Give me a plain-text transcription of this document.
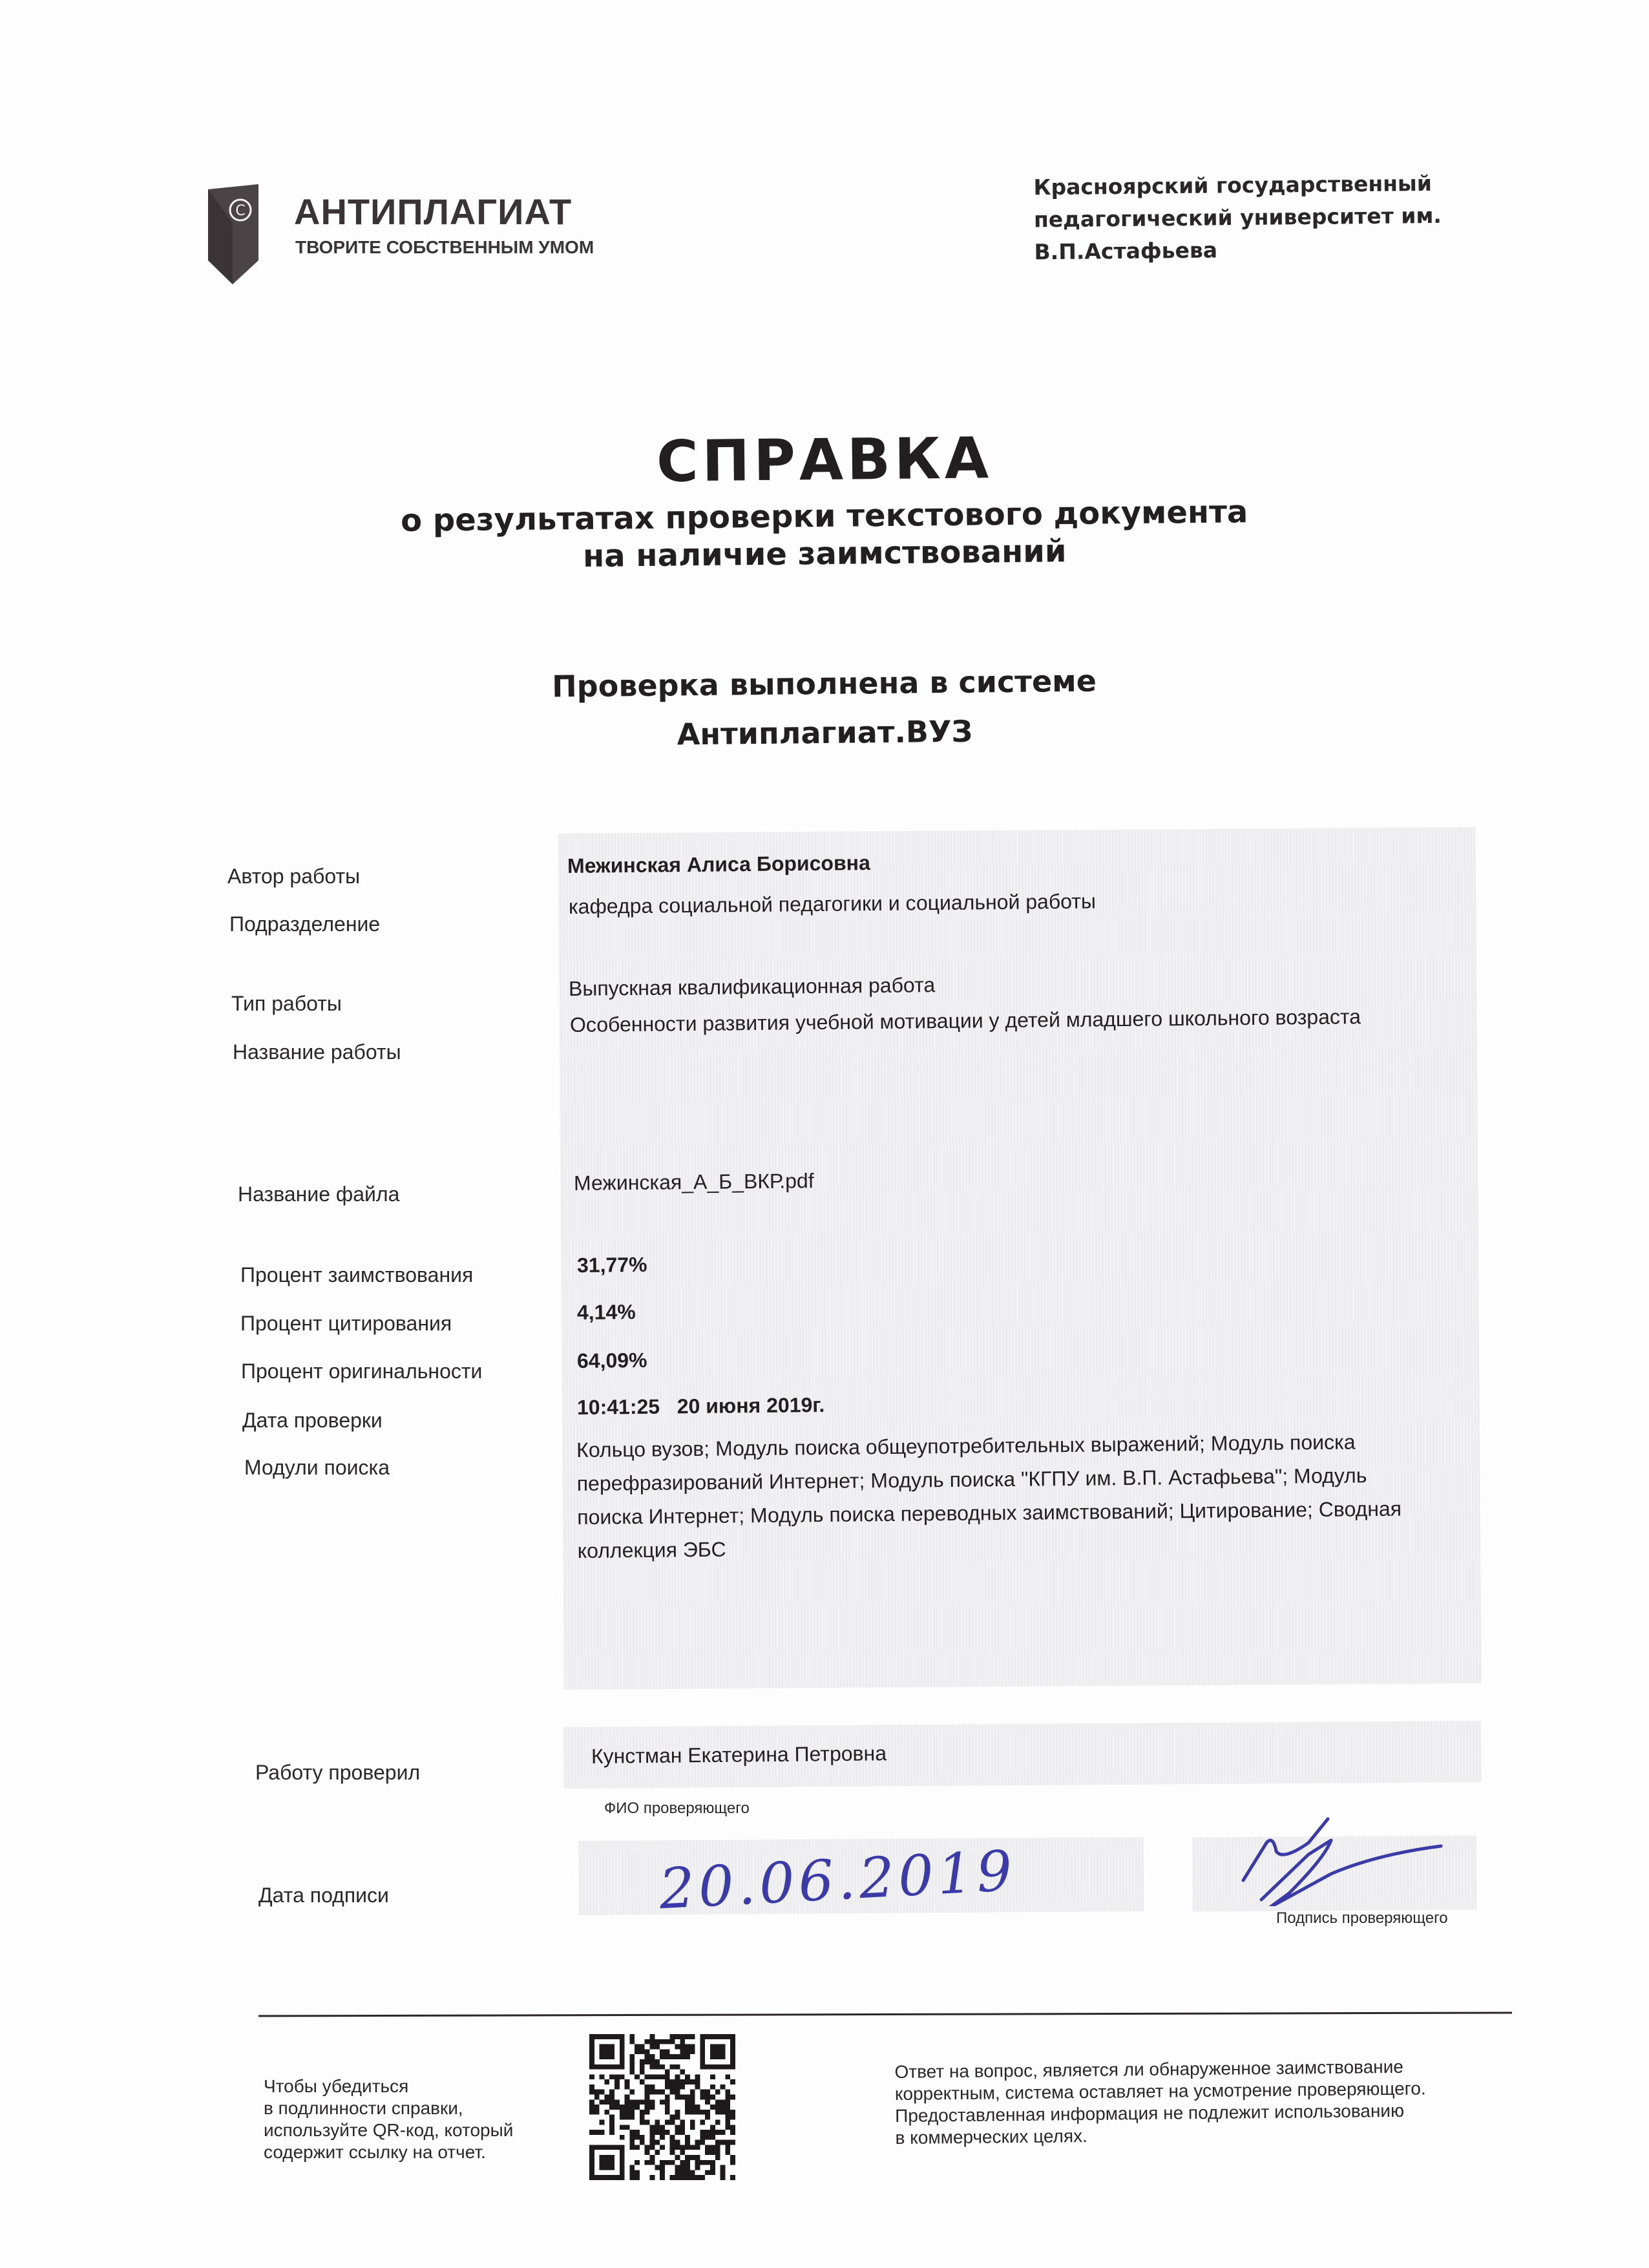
C АНТИПЛАГИАТ
ТВОРИТЕ СОБСТВЕННЫМ УМОМ
Красноярский государственный
педагогический университет им.
В.П.Астафьева
СПРАВКА
о результатах проверки текстового документа
на наличие заимствований
Проверка выполнена в системе
Антиплагиат.ВУЗ
Автор работы
Подразделение
Тип работы
Название работы
Название файла
Процент заимствования
Процент цитирования
Процент оригинальности
Дата проверки
Модули поиска
Межинская Алиса Борисовна
кафедра социальной педагогики и социальной работы
Выпускная квалификационная работа
Особенности развития учебной мотивации у детей младшего школьного возраста
Межинская_А_Б_ВКР.pdf
31,77%
4,14%
64,09%
10:41:25 20 июня 2019г.
Кольцо вузов; Модуль поиска общеупотребительных выражений; Модуль поиска
перефразирований Интернет; Модуль поиска "КГПУ им. В.П. Астафьева"; Модуль
поиска Интернет; Модуль поиска переводных заимствований; Цитирование; Сводная
коллекция ЭБС
Работу проверил
Кунстман Екатерина Петровна
ФИО проверяющего
Дата подписи	20.06.2019	Подпись проверяющего
Чтобы убедиться
в подлинности справки,
используйте QR-код, который
содержит ссылку на отчет.
Ответ на вопрос, является ли обнаруженное заимствование
корректным, система оставляет на усмотрение проверяющего.
Предоставленная информация не подлежит использованию
в коммерческих целях.
